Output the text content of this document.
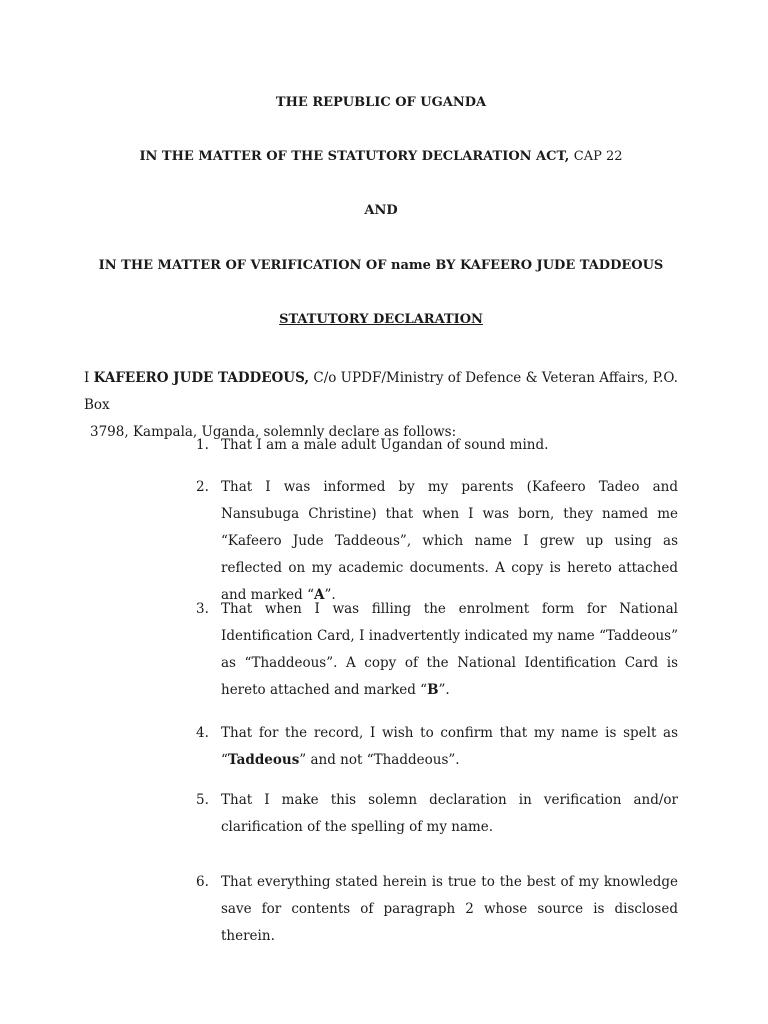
THE REPUBLIC OF UGANDA
IN THE MATTER OF THE STATUTORY DECLARATION ACT, CAP 22
AND
IN THE MATTER OF VERIFICATION OF name BY KAFEERO JUDE TADDEOUS
STATUTORY DECLARATION
I KAFEERO JUDE TADDEOUS, C/o UPDF/Ministry of Defence & Veteran Affairs, P.O. Box
3798, Kampala, Uganda, solemnly declare as follows:
1. That I am a male adult Ugandan of sound mind.
2. That I was informed by my parents (Kafeero Tadeo and Nansubuga Christine) that when I was born, they named me “Kafeero Jude Taddeous”, which name I grew up using as reflected on my academic documents. A copy is hereto attached and marked “A”.
3. That when I was filling the enrolment form for National Identification Card, I inadvertently indicated my name “Taddeous” as “Thaddeous”. A copy of the National Identification Card is hereto attached and marked “B”.
4. That for the record, I wish to confirm that my name is spelt as “Taddeous” and not “Thaddeous”.
5. That I make this solemn declaration in verification and/or clarification of the spelling of my name.
6. That everything stated herein is true to the best of my knowledge save for contents of paragraph 2 whose source is disclosed therein.
